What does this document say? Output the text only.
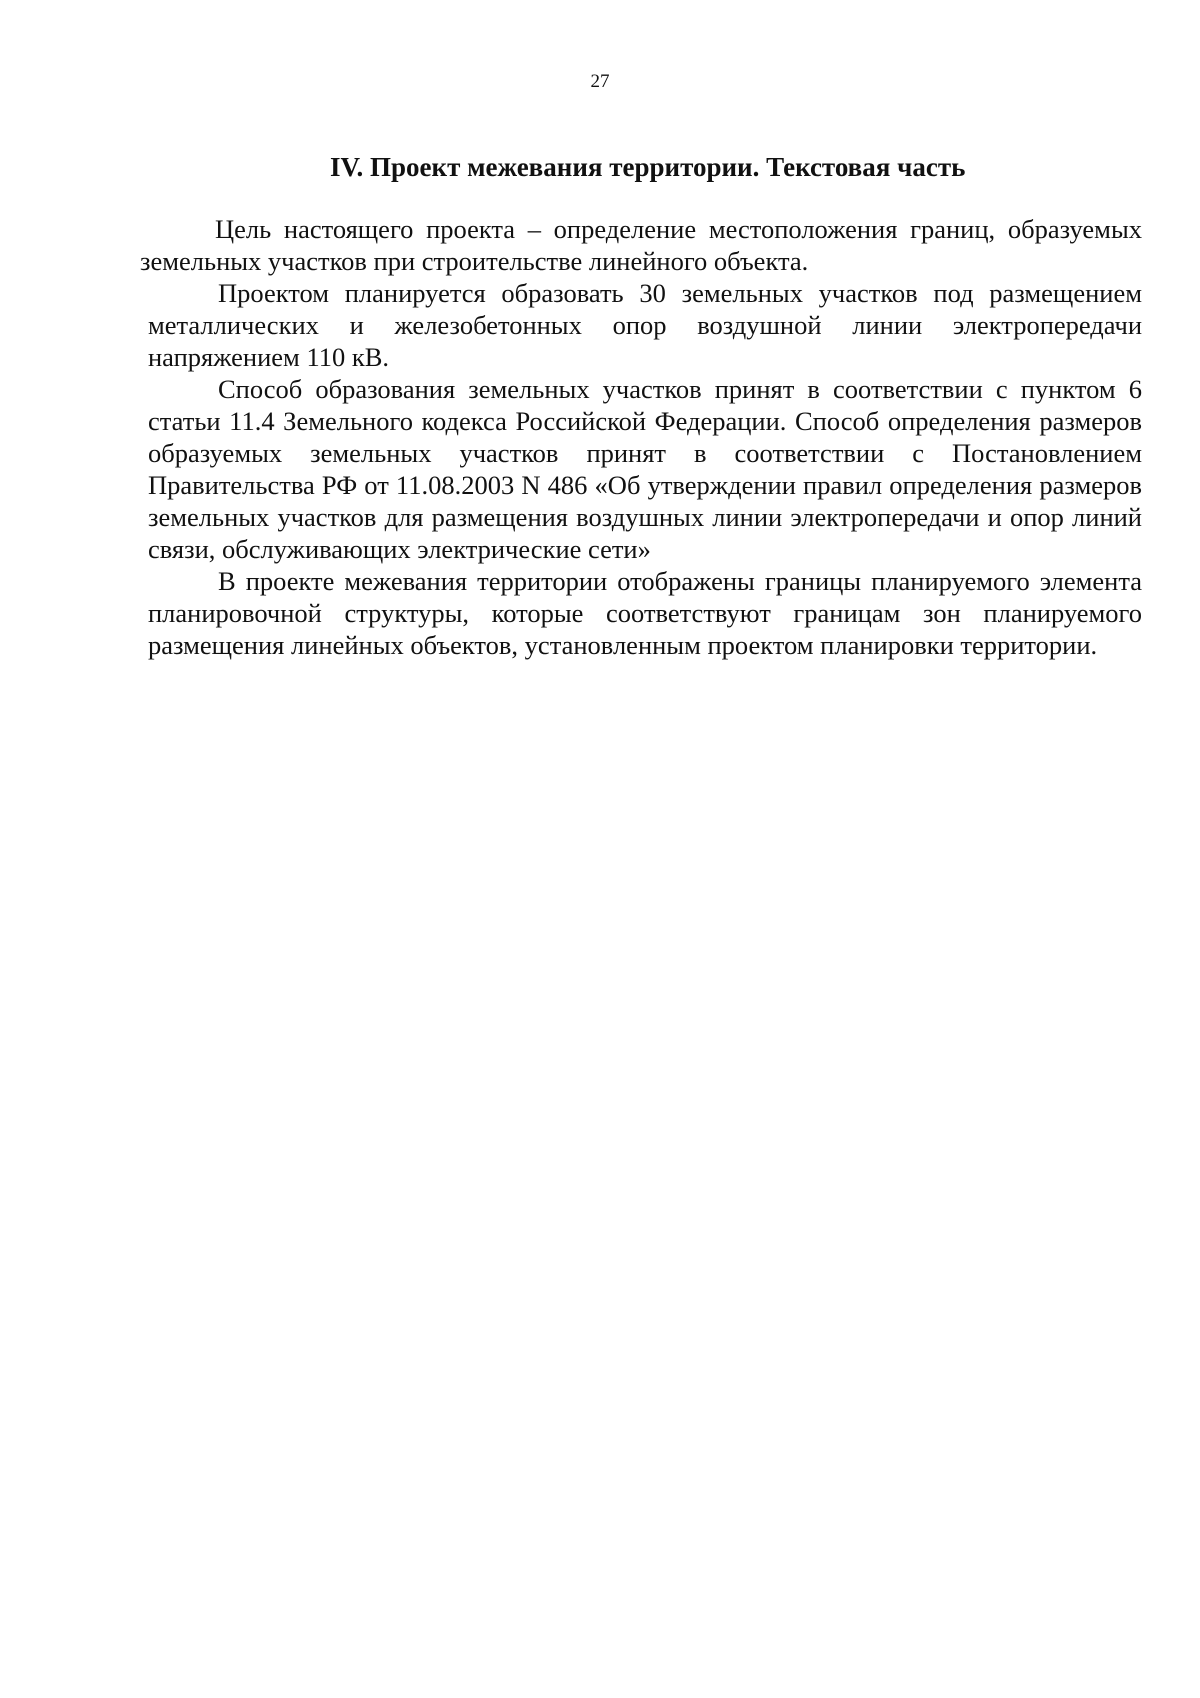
27
IV. Проект межевания территории. Текстовая часть

Цель настоящего проекта – определение местоположения границ, образуемых земельных участков при строительстве линейного объекта.

Проектом планируется образовать 30 земельных участков под размещением металлических и железобетонных опор воздушной линии электропередачи напряжением 110 кВ.

Способ образования земельных участков принят в соответствии с пунктом 6 статьи 11.4 Земельного кодекса Российской Федерации. Способ определения размеров образуемых земельных участков принят в соответствии с Постановлением Правительства РФ от 11.08.2003 N 486 «Об утверждении правил определения размеров земельных участков для размещения воздушных линии электропередачи и опор линий связи, обслуживающих электрические сети»

В проекте межевания территории отображены границы планируемого элемента планировочной структуры, которые соответствуют границам зон планируемого размещения линейных объектов, установленным проектом планировки территории.
